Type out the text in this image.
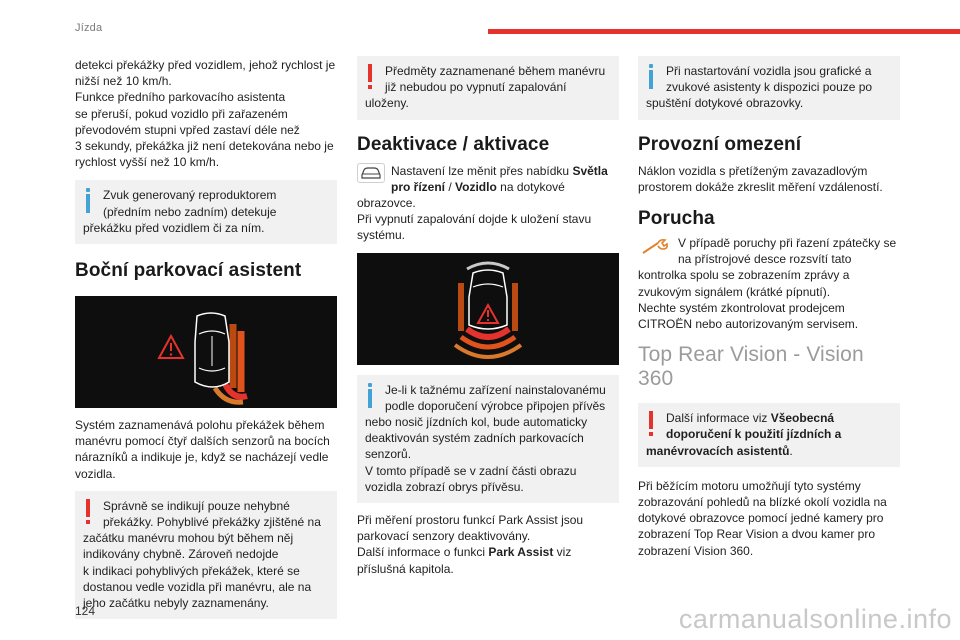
Jízda

detekci překážky před vozidlem, jehož rychlost je

nižší než 10 km/h.

Funkce předního parkovacího asistenta

se přeruší, pokud vozidlo při zařazeném

převodovém stupni vpřed zastaví déle než

3 sekundy, překážka již není detekována nebo je

rychlost vyšší než 10 km/h.

Zvuk generovaný reproduktorem

(předním nebo zadním) detekuje

překážku před vozidlem či za ním.

Boční parkovací asistent

Systém zaznamenává polohu překážek během

manévru pomocí čtyř dalších senzorů na bocích

nárazníků a indikuje je, když se nacházejí vedle

vozidla.

Správně se indikují pouze nehybné

překážky. Pohyblivé překážky zjištěné na

začátku manévru mohou být během něj

indikovány chybně. Zároveň nedojde

k indikaci pohyblivých překážek, které se

dostanou vedle vozidla při manévru, ale na

jeho začátku nebyly zaznamenány.

Předměty zaznamenané během manévru

již nebudou po vypnutí zapalování

uloženy.

Deaktivace / aktivace

Nastavení lze měnit přes nabídku Světla

pro řízení / Vozidlo na dotykové

obrazovce.

Při vypnutí zapalování dojde k uložení stavu

systému.

Je-li k tažnému zařízení nainstalovanému

podle doporučení výrobce připojen přívěs

nebo nosič jízdních kol, bude automaticky

deaktivován systém zadních parkovacích

senzorů.

V tomto případě se v zadní části obrazu

vozidla zobrazí obrys přívěsu.

Při měření prostoru funkcí Park Assist jsou

parkovací senzory deaktivovány.

Další informace o funkci Park Assist viz

příslušná kapitola.

Při nastartování vozidla jsou grafické a

zvukové asistenty k dispozici pouze po

spuštění dotykové obrazovky.

Provozní omezení

Náklon vozidla s přetíženým zavazadlovým

prostorem dokáže zkreslit měření vzdáleností.

Porucha

V případě poruchy při řazení zpátečky se

na přístrojové desce rozsvítí tato

kontrolka spolu se zobrazením zprávy a

zvukovým signálem (krátké pípnutí).

Nechte systém zkontrolovat prodejcem

CITROËN nebo autorizovaným servisem.

Top Rear Vision - Vision
360

Další informace viz Všeobecná

doporučení k použití jízdních a

manévrovacích asistentů.

Při běžícím motoru umožňují tyto systémy

zobrazování pohledů na blízké okolí vozidla na

dotykové obrazovce pomocí jedné kamery pro

zobrazení Top Rear Vision a dvou kamer pro

zobrazení Vision 360.

124	carmanualsonline.info
